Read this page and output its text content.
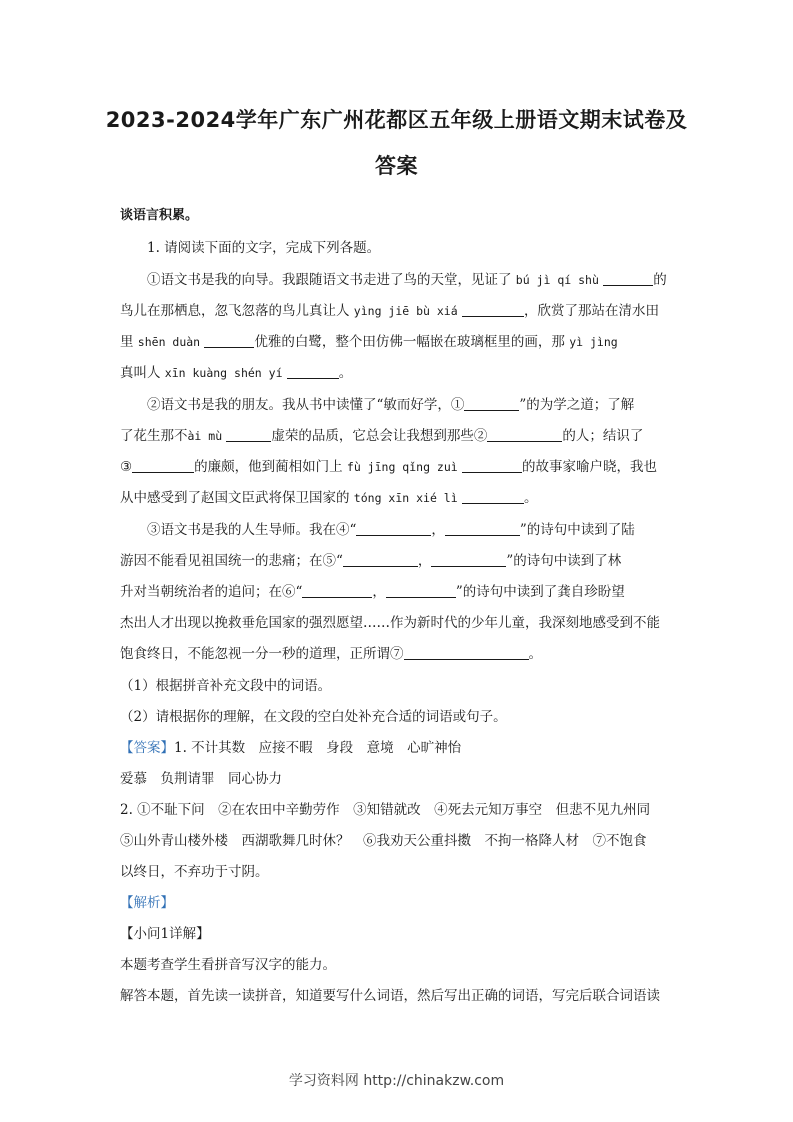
2023-2024学年广东广州花都区五年级上册语文期末试卷及
答案
谈语言积累。
1. 请阅读下面的文字，完成下列各题。
①语文书是我的向导。我跟随语文书走进了鸟的天堂，见证了 bú jì qí shù	的
鸟儿在那栖息，忽飞忽落的鸟儿真让人 yìng jiē bù xiá	，欣赏了那站在清水田
里 shēn duàn	优雅的白鹭，整个田仿佛一幅嵌在玻璃框里的画，那 yì jìng
真叫人 xīn kuàng shén yí	。
②语文书是我的朋友。我从书中读懂了“敏而好学，①	”的为学之道；了解
了花生那不ài mù	虚荣的品质，它总会让我想到那些②	的人；结识了
③	的廉颇，他到蔺相如门上 fù jīng qǐng zuì	的故事家喻户晓，我也
从中感受到了赵国文臣武将保卫国家的 tóng xīn xié lì	。
③语文书是我的人生导师。我在④“	，	”的诗句中读到了陆
游因不能看见祖国统一的悲痛；在⑤“	，	”的诗句中读到了林
升对当朝统治者的追问；在⑥“	，	”的诗句中读到了龚自珍盼望
杰出人才出现以挽救垂危国家的强烈愿望……作为新时代的少年儿童，我深刻地感受到不能
饱食终日，不能忽视一分一秒的道理，正所谓⑦	。
（1）根据拼音补充文段中的词语。
（2）请根据你的理解，在文段的空白处补充合适的词语或句子。
【答案】1. 不计其数　应接不暇　身段　意境　心旷神怡
爱慕　负荆请罪　同心协力
2. ①不耻下问　②在农田中辛勤劳作　③知错就改　④死去元知万事空　但悲不见九州同
⑤山外青山楼外楼　西湖歌舞几时休？　⑥我劝天公重抖擞　不拘一格降人材　⑦不饱食
以终日，不弃功于寸阴。
【解析】
【小问1详解】
本题考查学生看拼音写汉字的能力。
解答本题，首先读一读拼音，知道要写什么词语，然后写出正确的词语，写完后联合词语读
学习资料网 http://chinakzw.com
